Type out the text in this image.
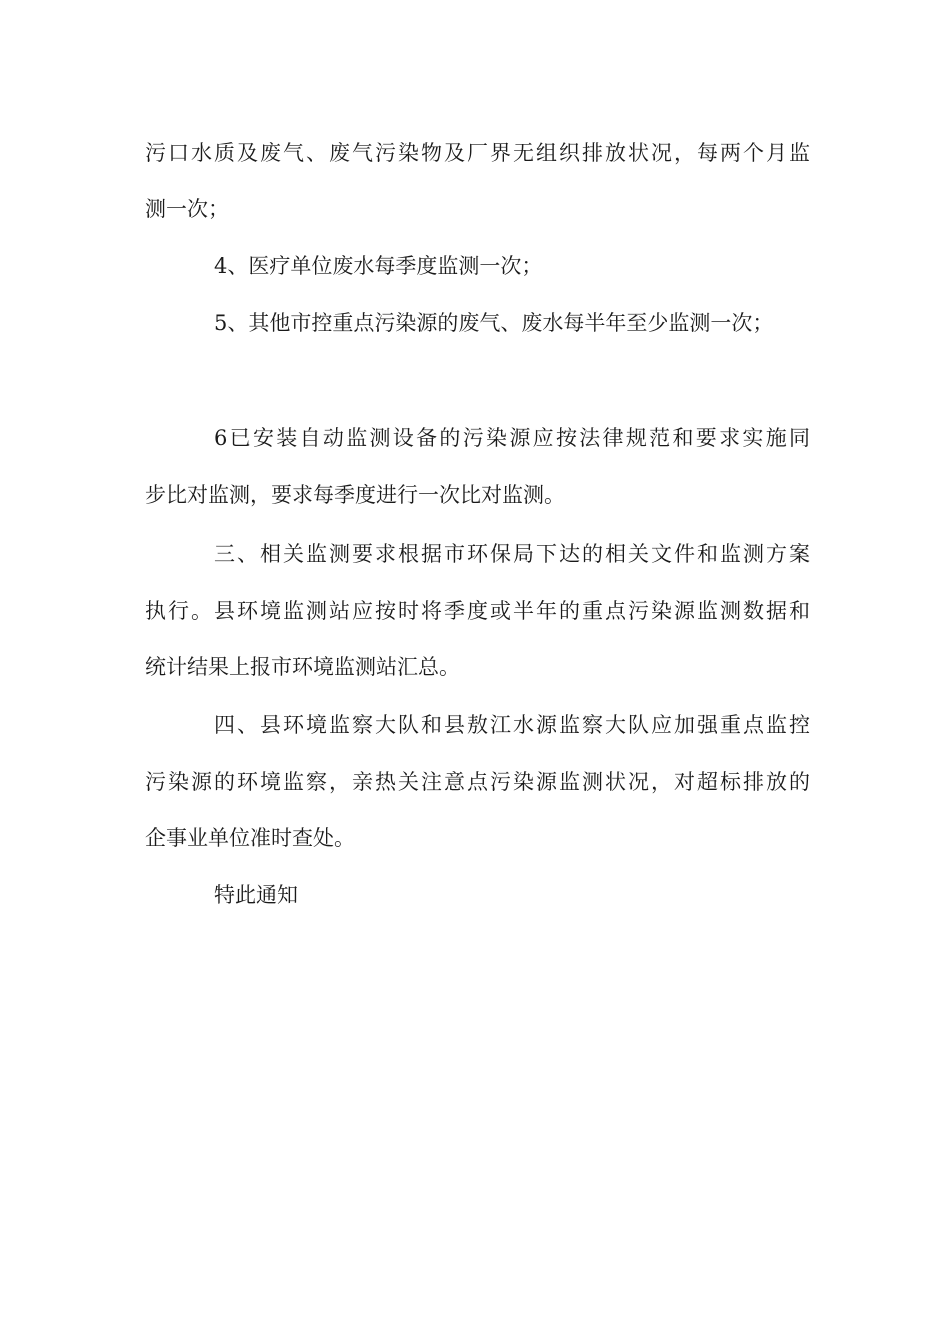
污口水质及废气、废气污染物及厂界无组织排放状况，每两个月监
测一次；
4、医疗单位废水每季度监测一次；
5、其他市控重点污染源的废气、废水每半年至少监测一次；
6已安装自动监测设备的污染源应按法律规范和要求实施同
步比对监测，要求每季度进行一次比对监测。
三、相关监测要求根据市环保局下达的相关文件和监测方案
执行。县环境监测站应按时将季度或半年的重点污染源监测数据和
统计结果上报市环境监测站汇总。
四、县环境监察大队和县敖江水源监察大队应加强重点监控
污染源的环境监察，亲热关注意点污染源监测状况，对超标排放的
企事业单位准时查处。
特此通知
